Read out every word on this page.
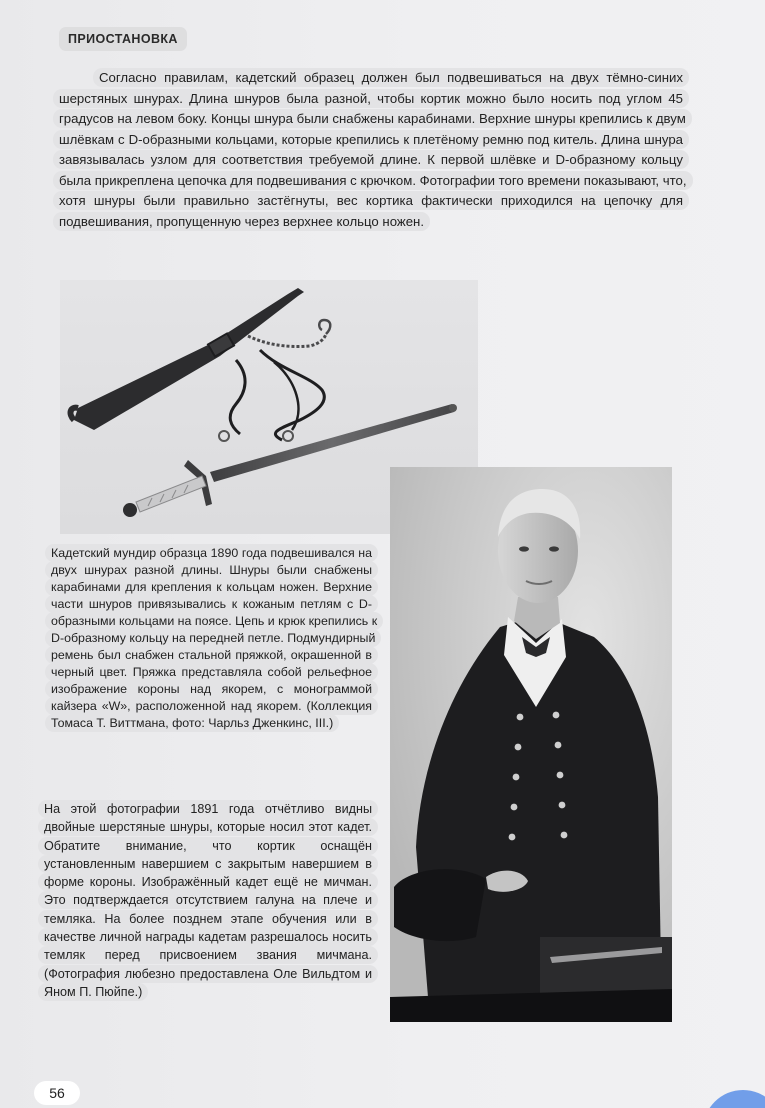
ПРИОСТАНОВКА
Согласно правилам, кадетский образец должен был подвешиваться на двух тёмно-синих шерстяных шнурах. Длина шнуров была разной, чтобы кортик можно было носить под углом 45 градусов на левом боку. Концы шнура были снабжены карабинами. Верхние шнуры крепились к двум шлёвкам с D-образными кольцами, которые крепились к плетёному ремню под китель. Длина шнура завязывалась узлом для соответствия требуемой длине. К первой шлёвке и D-образному кольцу была прикреплена цепочка для подвешивания с крючком. Фотографии того времени показывают, что, хотя шнуры были правильно застёгнуты, вес кортика фактически приходился на цепочку для подвешивания, пропущенную через верхнее кольцо ножен.
Кадетский мундир образца 1890 года подвешивался на двух шнурах разной длины. Шнуры были снабжены карабинами для крепления к кольцам ножен. Верхние части шнуров привязывались к кожаным петлям с D-образными кольцами на поясе. Цепь и крюк крепились к D-образному кольцу на передней петле. Подмундирный ремень был снабжен стальной пряжкой, окрашенной в черный цвет. Пряжка представляла собой рельефное изображение короны над якорем, с монограммой кайзера «W», расположенной над якорем. (Коллекция Томаса Т. Виттмана, фото: Чарльз Дженкинс, III.)
На этой фотографии 1891 года отчётливо видны двойные шерстяные шнуры, которые носил этот кадет. Обратите внимание, что кортик оснащён установленным навершием с закрытым навершием в форме короны. Изображённый кадет ещё не мичман. Это подтверждается отсутствием галуна на плече и темляка. На более позднем этапе обучения или в качестве личной награды кадетам разрешалось носить темляк перед присвоением звания мичмана. (Фотография любезно предоставлена Оле Вильдтом и Яном П. Пюйпе.)
56
